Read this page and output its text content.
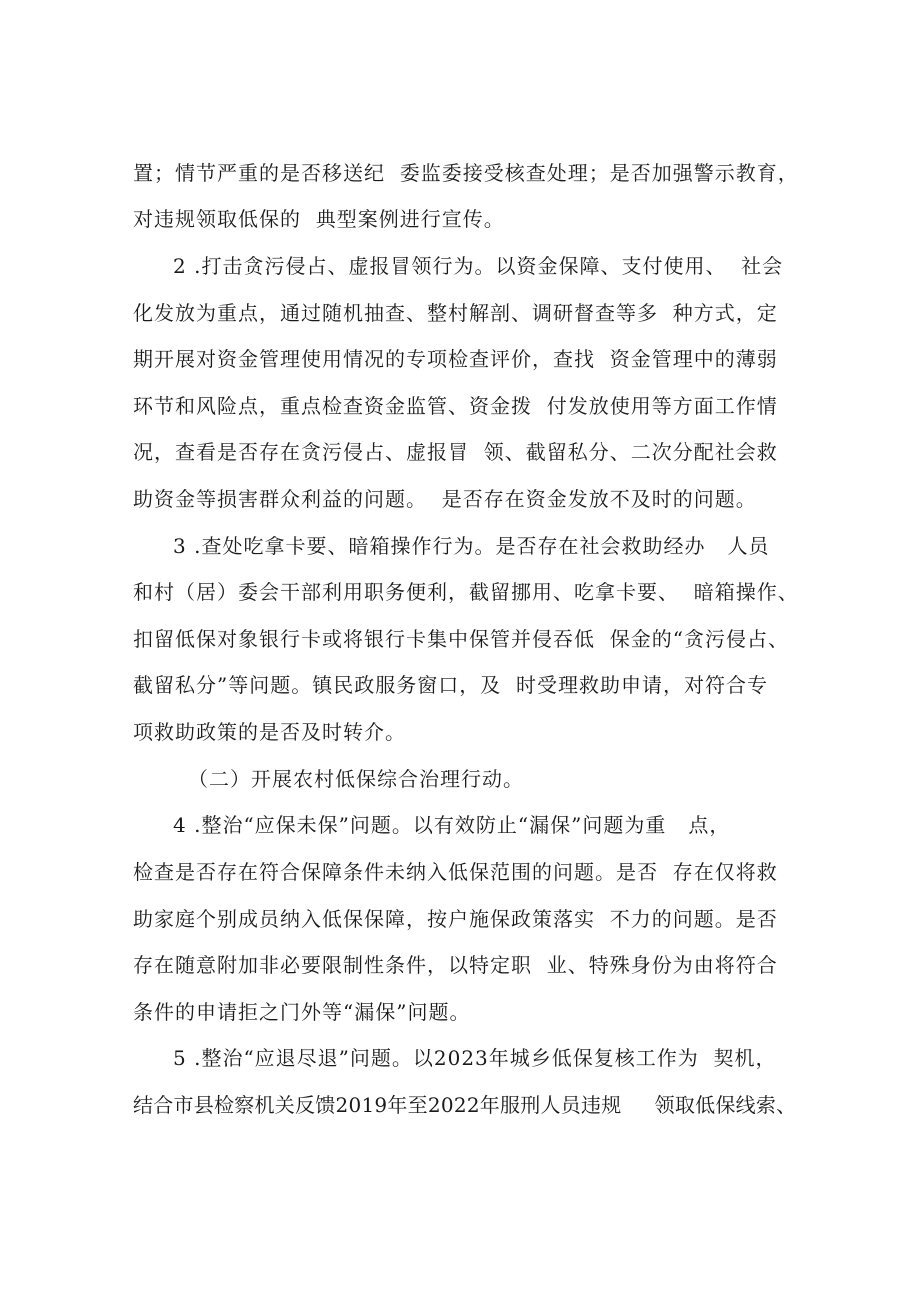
置；情节严重的是否移送纪  委监委接受核查处理；是否加强警示教育，
对违规领取低保的  典型案例进行宣传。
2 .打击贪污侵占、虚报冒领行为。以资金保障、支付使用、  社会
化发放为重点，通过随机抽查、整村解剖、调研督查等多  种方式，定
期开展对资金管理使用情况的专项检查评价，查找  资金管理中的薄弱
环节和风险点，重点检查资金监管、资金拨  付发放使用等方面工作情
况，查看是否存在贪污侵占、虚报冒  领、截留私分、二次分配社会救
助资金等损害群众利益的问题。  是否存在资金发放不及时的问题。
3 .查处吃拿卡要、暗箱操作行为。是否存在社会救助经办   人员
和村（居）委会干部利用职务便利，截留挪用、吃拿卡要、  暗箱操作、
扣留低保对象银行卡或将银行卡集中保管并侵吞低  保金的“贪污侵占、
截留私分”等问题。镇民政服务窗口，及  时受理救助申请，对符合专
项救助政策的是否及时转介。
（二）开展农村低保综合治理行动。
4 .整治“应保未保”问题。以有效防止“漏保”问题为重   点，
检查是否存在符合保障条件未纳入低保范围的问题。是否  存在仅将救
助家庭个别成员纳入低保保障，按户施保政策落实  不力的问题。是否
存在随意附加非必要限制性条件，以特定职  业、特殊身份为由将符合
条件的申请拒之门外等“漏保”问题。
5 .整治“应退尽退”问题。以2023年城乡低保复核工作为  契机，
结合市县检察机关反馈2019年至2022年服刑人员违规     领取低保线索、
